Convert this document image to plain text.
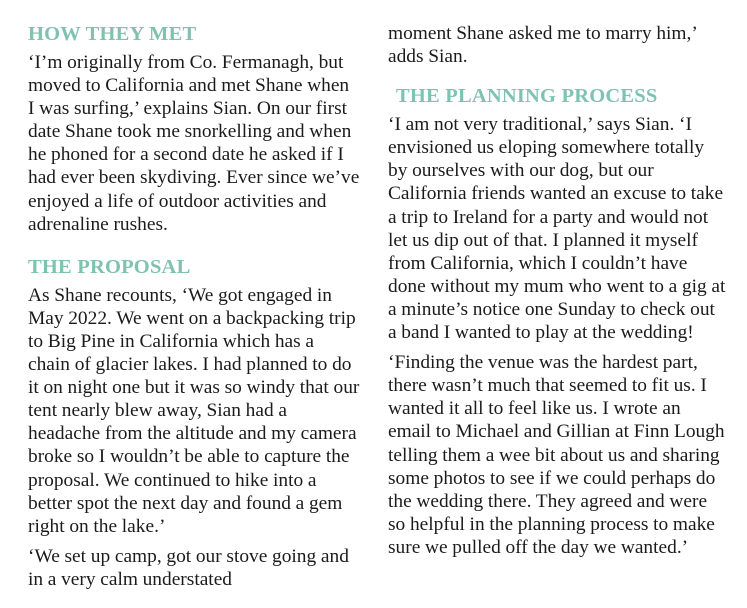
HOW THEY MET

‘I’m originally from Co. Fermanagh, but moved to California and met Shane when I was surfing,’ explains Sian. On our first date Shane took me snorkelling and when he phoned for a second date he asked if I had ever been skydiving. Ever since we’ve enjoyed a life of outdoor activities and adrenaline rushes.

THE PROPOSAL

As Shane recounts, ‘We got engaged in May 2022. We went on a backpacking trip to Big Pine in California which has a chain of glacier lakes. I had planned to do it on night one but it was so windy that our tent nearly blew away, Sian had a headache from the altitude and my camera broke so I wouldn’t be able to capture the proposal. We continued to hike into a better spot the next day and found a gem right on the lake.’

‘We set up camp, got our stove going and in a very calm understated

moment Shane asked me to marry him,’ adds Sian.

THE PLANNING PROCESS

‘I am not very traditional,’ says Sian. ‘I envisioned us eloping somewhere totally by ourselves with our dog, but our California friends wanted an excuse to take a trip to Ireland for a party and would not let us dip out of that. I planned it myself from California, which I couldn’t have done without my mum who went to a gig at a minute’s notice one Sunday to check out a band I wanted to play at the wedding!

‘Finding the venue was the hardest part, there wasn’t much that seemed to fit us. I wanted it all to feel like us. I wrote an email to Michael and Gillian at Finn Lough telling them a wee bit about us and sharing some photos to see if we could perhaps do the wedding there. They agreed and were so helpful in the planning process to make sure we pulled off the day we wanted.’
